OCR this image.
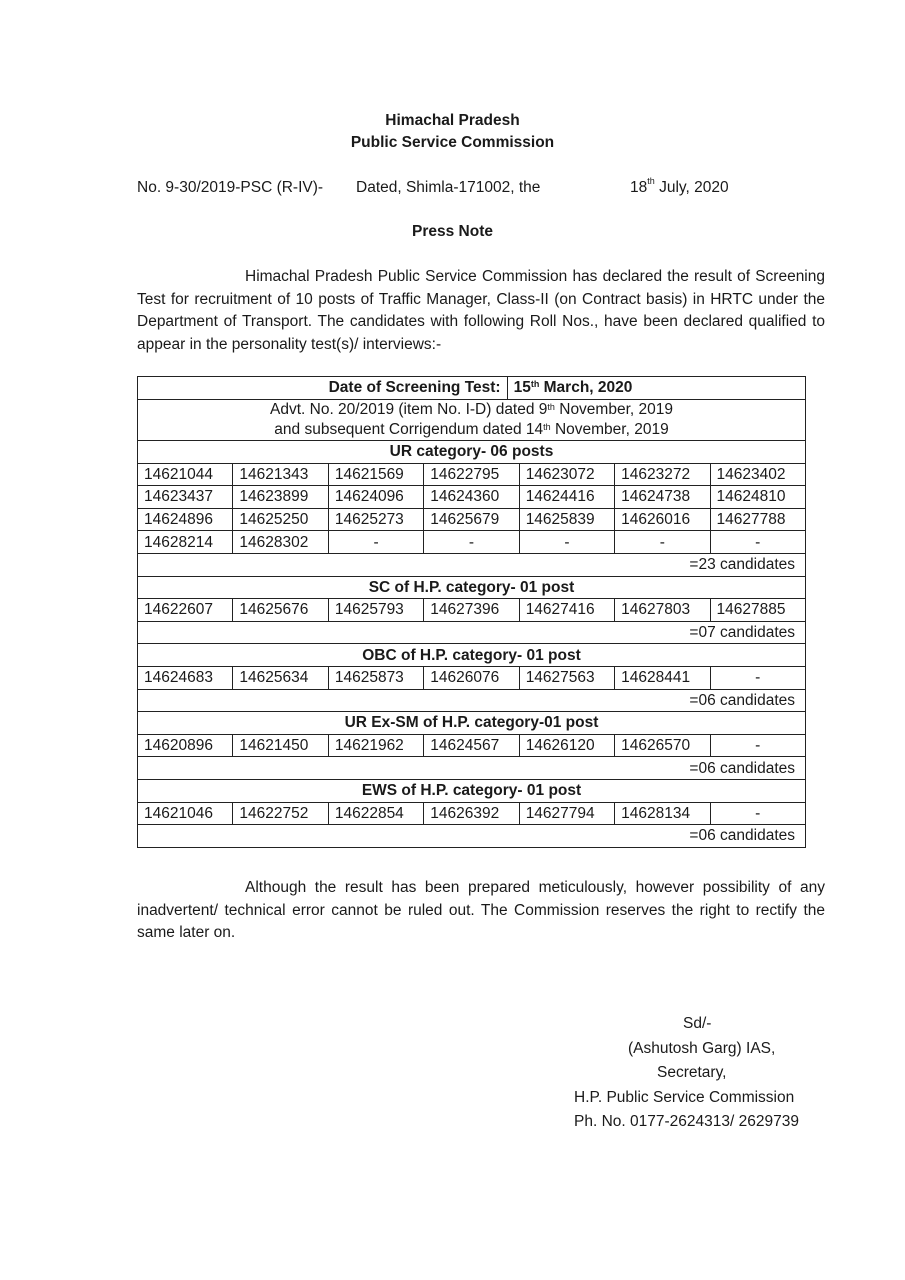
Himachal Pradesh
Public Service Commission
No. 9-30/2019-PSC (R-IV)- Dated, Shimla-171002, the	18th July, 2020
Press Note
Himachal Pradesh Public Service Commission has declared the result of Screening Test for recruitment of 10 posts of Traffic Manager, Class-II (on Contract basis) in HRTC under the Department of Transport. The candidates with following Roll Nos., have been declared qualified to appear in the personality test(s)/ interviews:-
Date of Screening Test: 15th March, 2020						

Advt. No. 20/2019 (item No. I-D) dated 9th November, 2019
and subsequent Corrigendum dated 14th November, 2019						

UR category- 06 posts						
14621044	14621343	14621569	14622795	14623072	14623272	14623402
14623437	14623899	14624096	14624360	14624416	14624738	14624810
14624896	14625250	14625273	14625679	14625839	14626016	14627788
14628214	14628302	-	-	-	-	-
=23 candidates						
SC of H.P. category- 01 post						
14622607	14625676	14625793	14627396	14627416	14627803	14627885
=07 candidates						
OBC of H.P. category- 01 post						
14624683	14625634	14625873	14626076	14627563	14628441	-
=06 candidates						
UR Ex-SM of H.P. category-01 post						
14620896	14621450	14621962	14624567	14626120	14626570	-
=06 candidates						
EWS of H.P. category- 01 post						
14621046	14622752	14622854	14626392	14627794	14628134	-
=06 candidates						
Although the result has been prepared meticulously, however possibility of any inadvertent/ technical error cannot be ruled out. The Commission reserves the right to rectify the same later on.
Sd/-
(Ashutosh Garg) IAS,
Secretary,
H.P. Public Service Commission
Ph. No. 0177-2624313/ 2629739
